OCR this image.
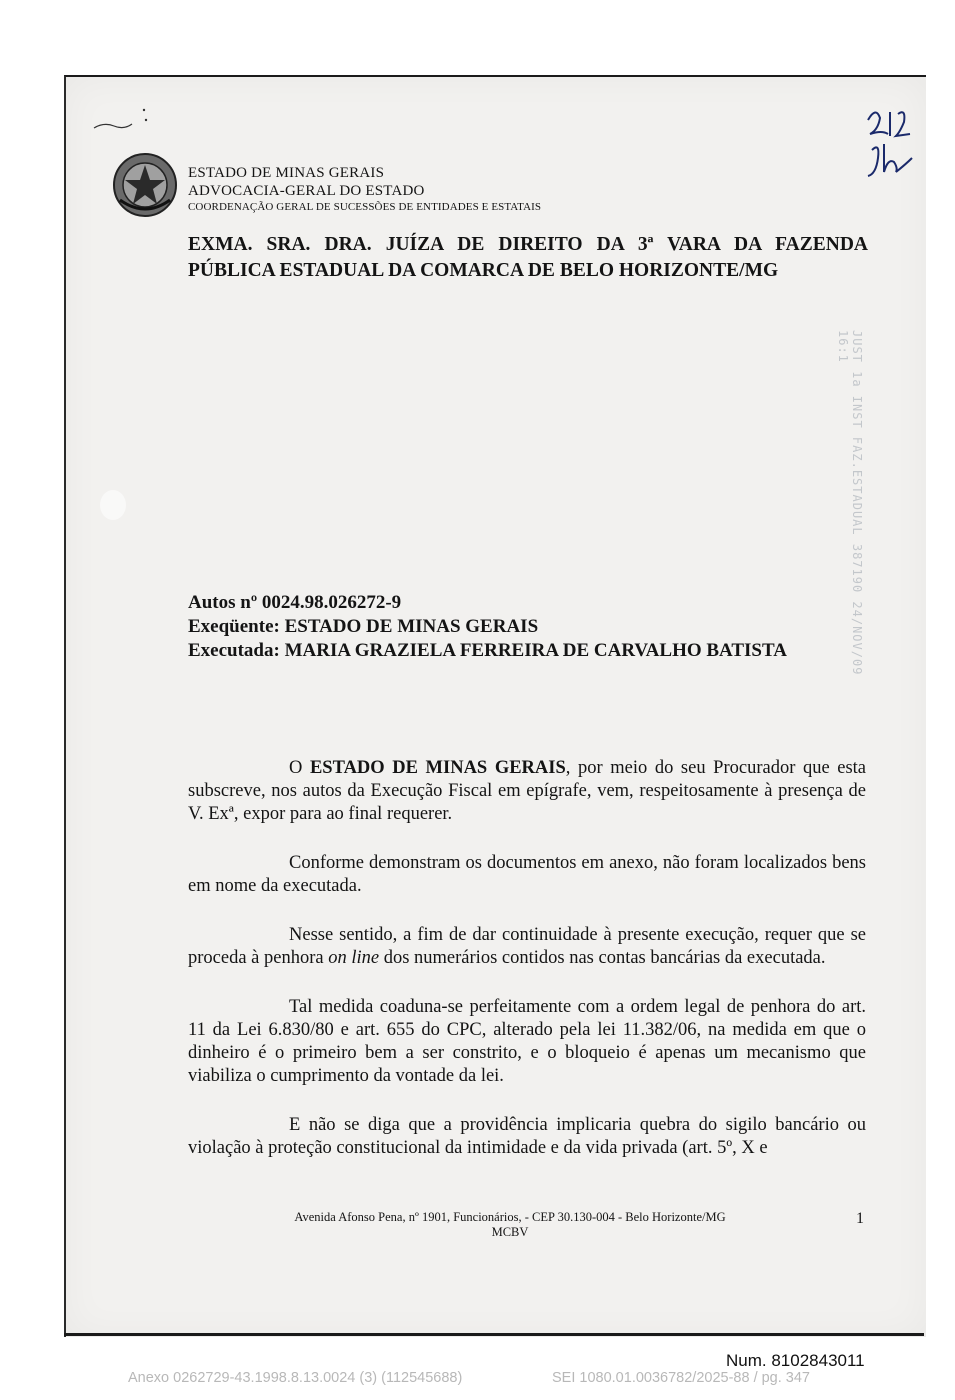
ESTADO DE MINAS GERAIS
ADVOCACIA-GERAL DO ESTADO
COORDENAÇÃO GERAL DE SUCESSÕES DE ENTIDADES E ESTATAIS
EXMA. SRA. DRA. JUÍZA DE DIREITO DA 3ª VARA DA FAZENDA
PÚBLICA ESTADUAL DA COMARCA DE BELO HORIZONTE/MG
JUST 1a INST FAZ.ESTADUAL 387190 24/NOV/09 16:1
Autos nº 0024.98.026272-9
Exeqüente: ESTADO DE MINAS GERAIS
Executada: MARIA GRAZIELA FERREIRA DE CARVALHO BATISTA

O ESTADO DE MINAS GERAIS, por meio do seu Procurador que esta subscreve, nos autos da Execução Fiscal em epígrafe, vem, respeitosamente à presença de V. Exª, expor para ao final requerer.

Conforme demonstram os documentos em anexo, não foram localizados bens em nome da executada.

Nesse sentido, a fim de dar continuidade à presente execução, requer que se proceda à penhora on line dos numerários contidos nas contas bancárias da executada.

Tal medida coaduna-se perfeitamente com a ordem legal de penhora do art. 11 da Lei 6.830/80 e art. 655 do CPC, alterado pela lei 11.382/06, na medida em que o dinheiro é o primeiro bem a ser constrito, e o bloqueio é apenas um mecanismo que viabiliza o cumprimento da vontade da lei.

E não se diga que a providência implicaria quebra do sigilo bancário ou violação à proteção constitucional da intimidade e da vida privada (art. 5º, X e

Avenida Afonso Pena, nº 1901, Funcionários, - CEP 30.130-004 - Belo Horizonte/MG
MCBV
1
Num. 8102843011
Anexo 0262729-43.1998.8.13.0024 (3) (112545688)	SEI 1080.01.0036782/2025-88 / pg. 347
